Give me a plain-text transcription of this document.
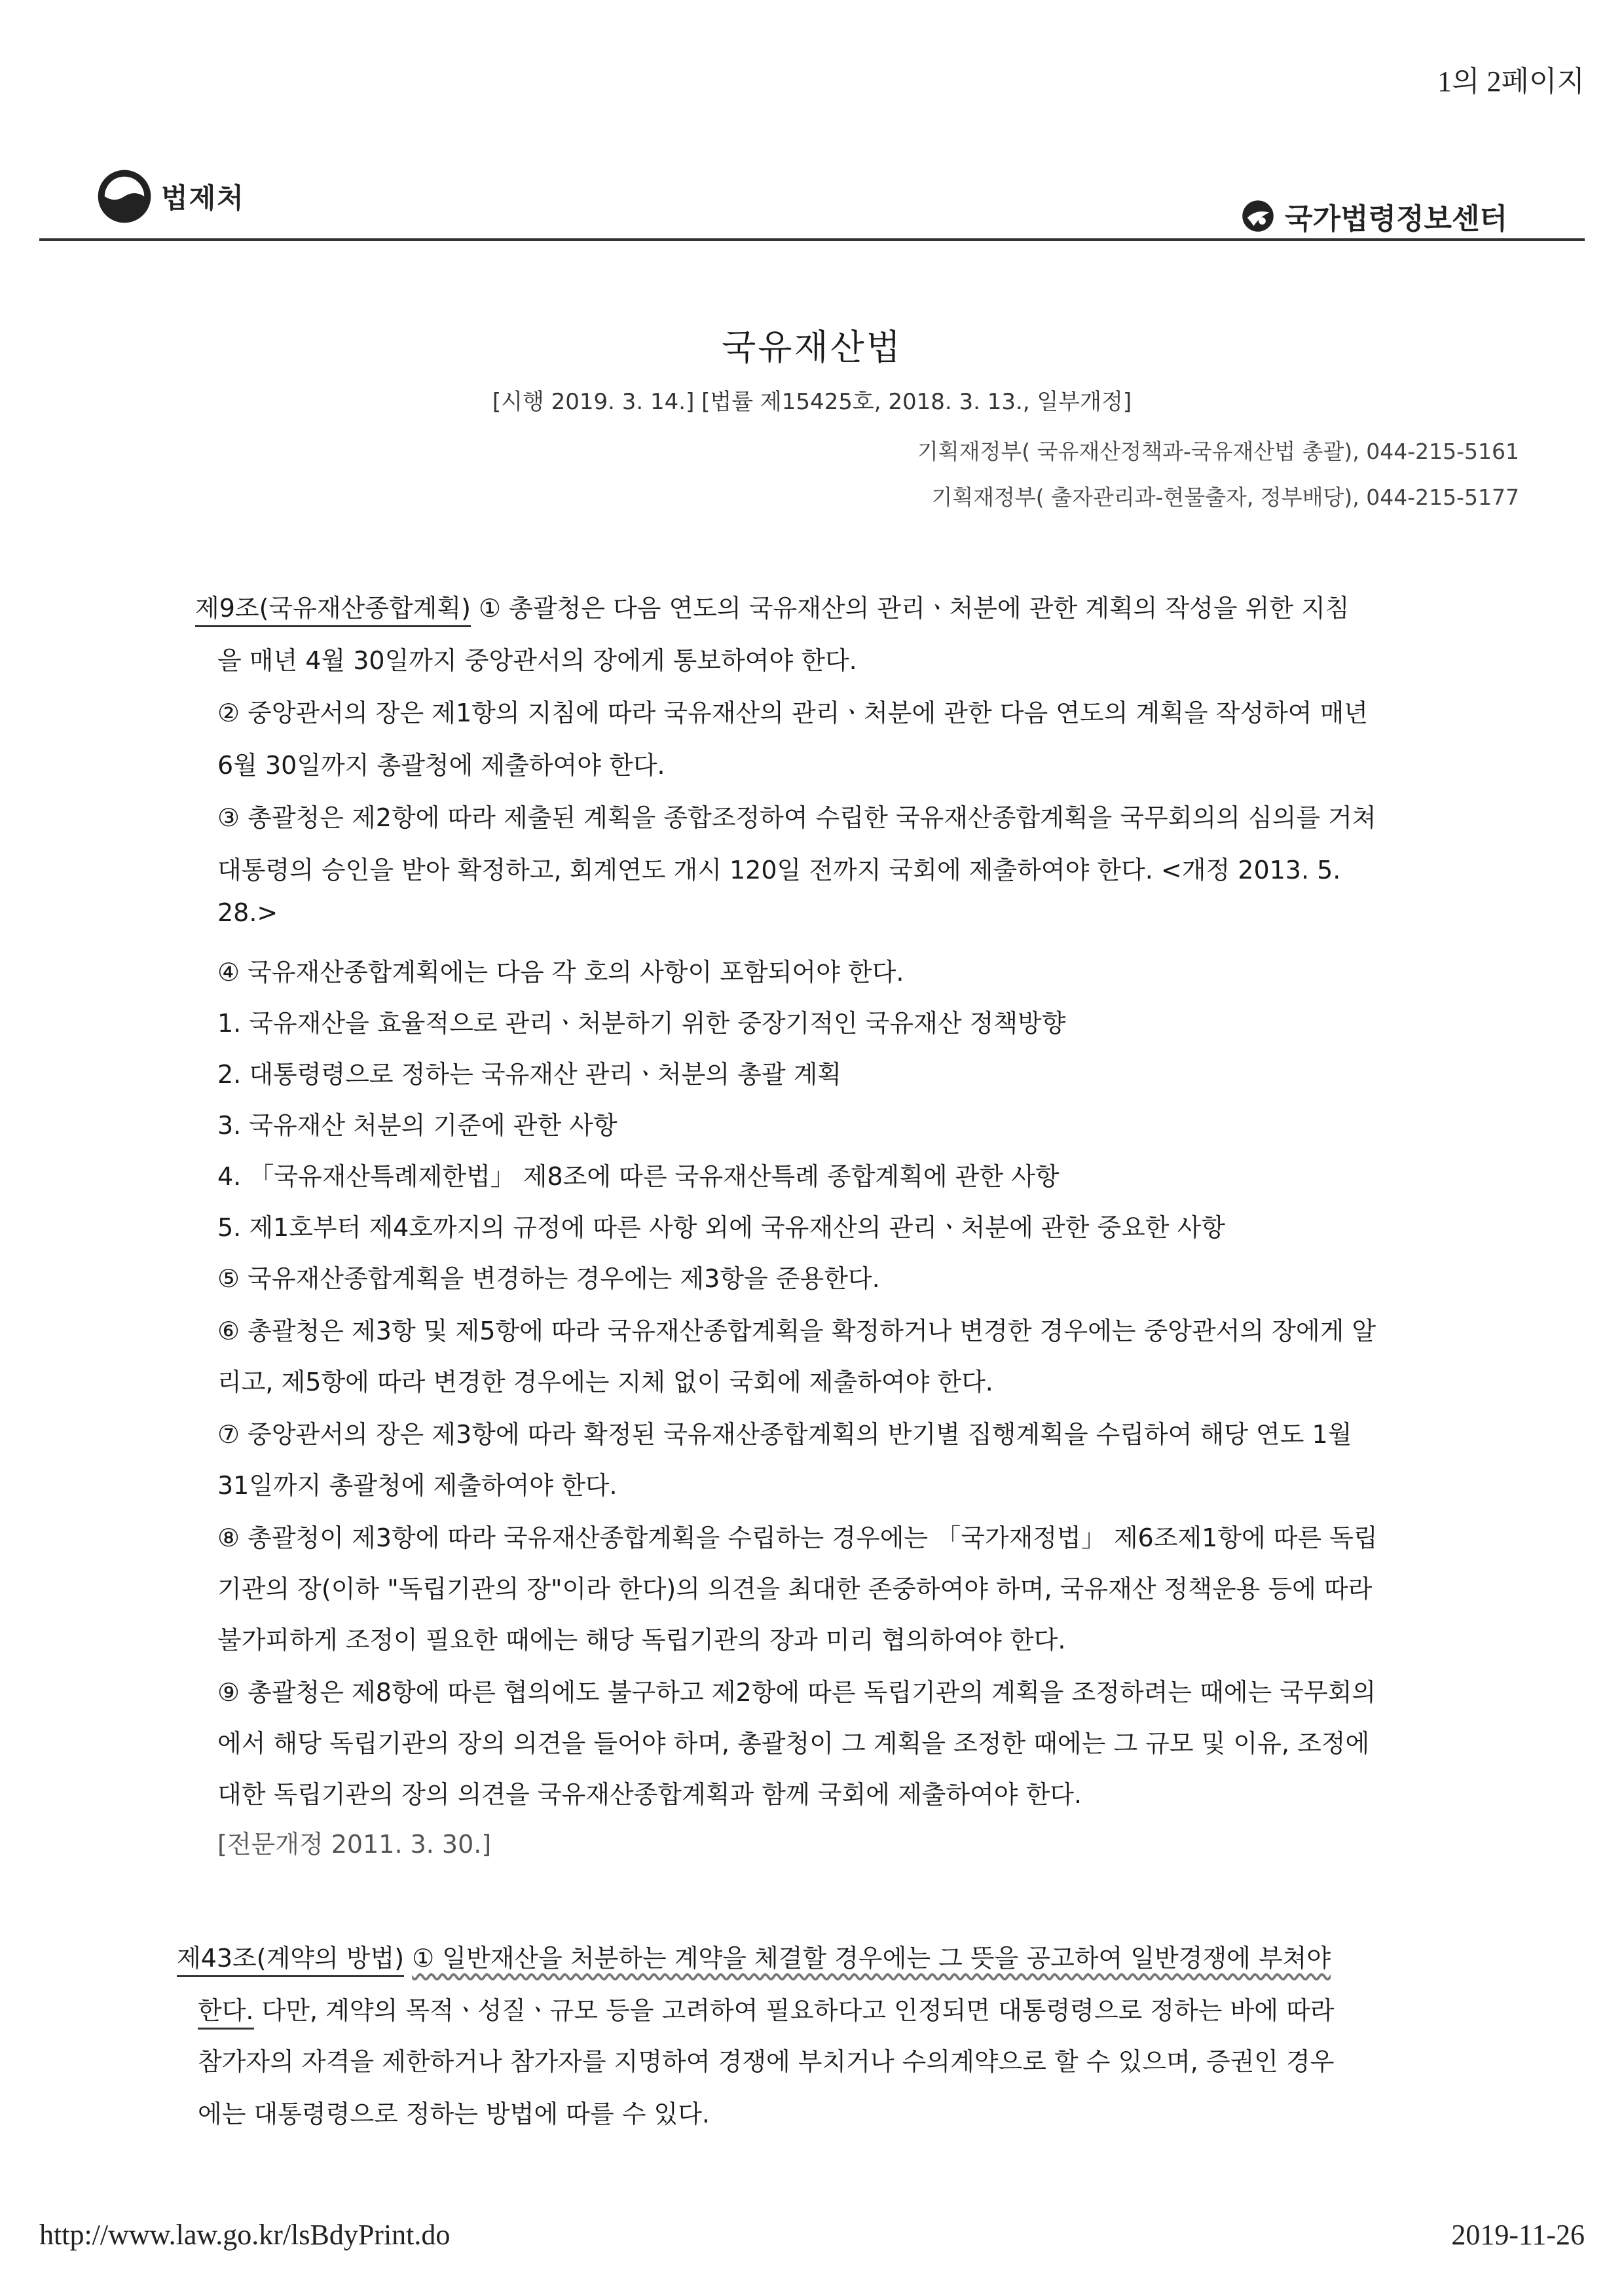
1의 2페이지
법제처
국가법령정보센터
국유재산법
[시행 2019. 3. 14.] [법률 제15425호, 2018. 3. 13., 일부개정]
기획재정부( 국유재산정책과-국유재산법 총괄), 044-215-5161
기획재정부( 출자관리과-현물출자, 정부배당), 044-215-5177
제9조(국유재산종합계획) ① 총괄청은 다음 연도의 국유재산의 관리ㆍ처분에 관한 계획의 작성을 위한 지침
을 매년 4월 30일까지 중앙관서의 장에게 통보하여야 한다.
② 중앙관서의 장은 제1항의 지침에 따라 국유재산의 관리ㆍ처분에 관한 다음 연도의 계획을 작성하여 매년
6월 30일까지 총괄청에 제출하여야 한다.
③ 총괄청은 제2항에 따라 제출된 계획을 종합조정하여 수립한 국유재산종합계획을 국무회의의 심의를 거쳐
대통령의 승인을 받아 확정하고, 회계연도 개시 120일 전까지 국회에 제출하여야 한다. <개정 2013. 5.
28.>
④ 국유재산종합계획에는 다음 각 호의 사항이 포함되어야 한다.
1. 국유재산을 효율적으로 관리ㆍ처분하기 위한 중장기적인 국유재산 정책방향
2. 대통령령으로 정하는 국유재산 관리ㆍ처분의 총괄 계획
3. 국유재산 처분의 기준에 관한 사항
4. 「국유재산특례제한법」 제8조에 따른 국유재산특례 종합계획에 관한 사항
5. 제1호부터 제4호까지의 규정에 따른 사항 외에 국유재산의 관리ㆍ처분에 관한 중요한 사항
⑤ 국유재산종합계획을 변경하는 경우에는 제3항을 준용한다.
⑥ 총괄청은 제3항 및 제5항에 따라 국유재산종합계획을 확정하거나 변경한 경우에는 중앙관서의 장에게 알
리고, 제5항에 따라 변경한 경우에는 지체 없이 국회에 제출하여야 한다.
⑦ 중앙관서의 장은 제3항에 따라 확정된 국유재산종합계획의 반기별 집행계획을 수립하여 해당 연도 1월
31일까지 총괄청에 제출하여야 한다.
⑧ 총괄청이 제3항에 따라 국유재산종합계획을 수립하는 경우에는 「국가재정법」 제6조제1항에 따른 독립
기관의 장(이하 "독립기관의 장"이라 한다)의 의견을 최대한 존중하여야 하며, 국유재산 정책운용 등에 따라
불가피하게 조정이 필요한 때에는 해당 독립기관의 장과 미리 협의하여야 한다.
⑨ 총괄청은 제8항에 따른 협의에도 불구하고 제2항에 따른 독립기관의 계획을 조정하려는 때에는 국무회의
에서 해당 독립기관의 장의 의견을 들어야 하며, 총괄청이 그 계획을 조정한 때에는 그 규모 및 이유, 조정에
대한 독립기관의 장의 의견을 국유재산종합계획과 함께 국회에 제출하여야 한다.
[전문개정 2011. 3. 30.]
제43조(계약의 방법) ① 일반재산을 처분하는 계약을 체결할 경우에는 그 뜻을 공고하여 일반경쟁에 부쳐야
한다. 다만, 계약의 목적ㆍ성질ㆍ규모 등을 고려하여 필요하다고 인정되면 대통령령으로 정하는 바에 따라
참가자의 자격을 제한하거나 참가자를 지명하여 경쟁에 부치거나 수의계약으로 할 수 있으며, 증권인 경우
에는 대통령령으로 정하는 방법에 따를 수 있다.
http://www.law.go.kr/lsBdyPrint.do	2019-11-26
